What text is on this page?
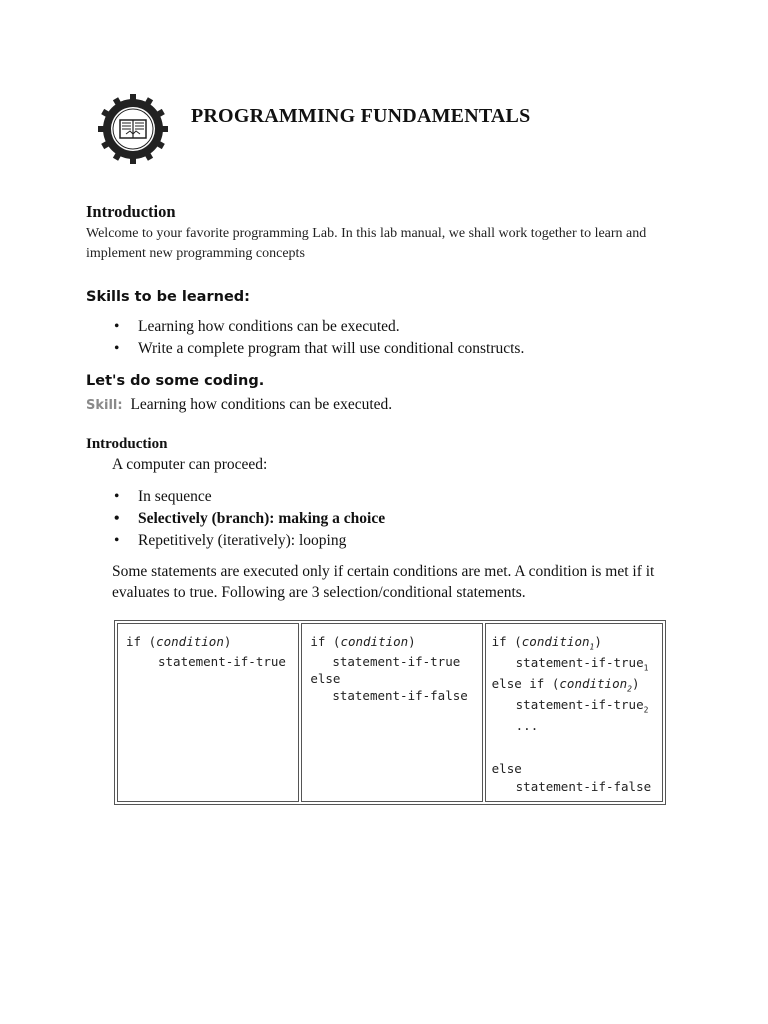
PROGRAMMING FUNDAMENTALS
Introduction
Welcome to your favorite programming Lab. In this lab manual, we shall work together to learn and implement new programming concepts
Skills to be learned:
• Learning how conditions can be executed.
• Write a complete program that will use conditional constructs.
Let's do some coding.
Skill: Learning how conditions can be executed.
Introduction
A computer can proceed:
• In sequence
• Selectively (branch): making a choice
• Repetitively (iteratively): looping
Some statements are executed only if certain conditions are met. A condition is met if it evaluates to true. Following are 3 selection/conditional statements.
if (condition)
statement-if-true
if (condition)
statement-if-true
else
statement-if-false
if (condition$_1$)
statement-if-true$_1$
else if (condition$_2$)
statement-if-true$_2$
...
else
statement-if-false
